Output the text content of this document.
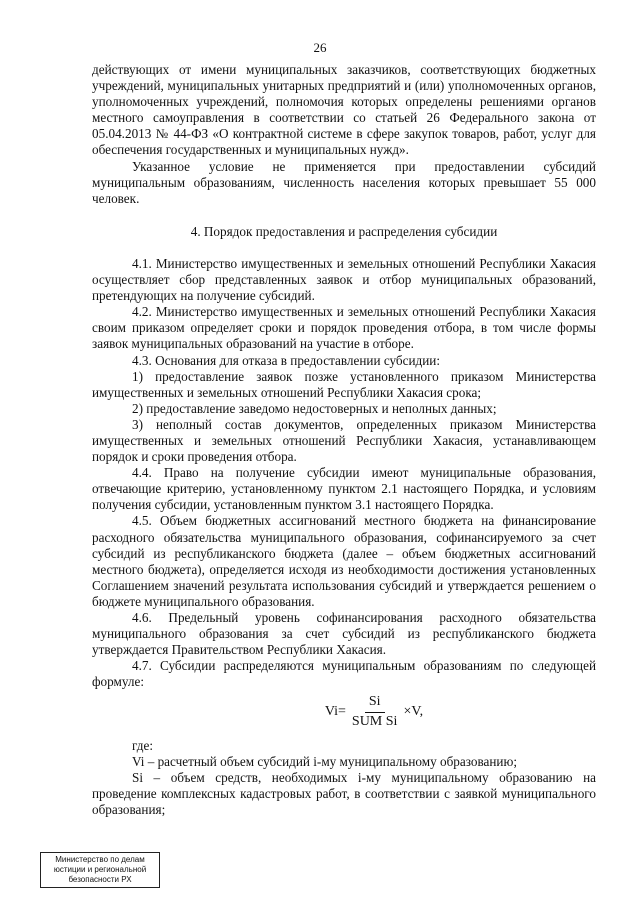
26

действующих от имени муниципальных заказчиков, соответствующих бюджетных учреждений, муниципальных унитарных предприятий и (или) уполномоченных органов, уполномоченных учреждений, полномочия которых определены решениями органов местного самоуправления в соответствии со статьей 26 Федерального закона от 05.04.2013 № 44-ФЗ «О контрактной системе в сфере закупок товаров, работ, услуг для обеспечения государственных и муниципальных нужд».

Указанное условие не применяется при предоставлении субсидий муниципальным образованиям, численность населения которых превышает 55 000 человек.

4. Порядок предоставления и распределения субсидии

4.1. Министерство имущественных и земельных отношений Республики Хакасия осуществляет сбор представленных заявок и отбор муниципальных образований, претендующих на получение субсидий.

4.2. Министерство имущественных и земельных отношений Республики Хакасия своим приказом определяет сроки и порядок проведения отбора, в том числе формы заявок муниципальных образований на участие в отборе.

4.3. Основания для отказа в предоставлении субсидии:

1) предоставление заявок позже установленного приказом Министерства имущественных и земельных отношений Республики Хакасия срока;

2) предоставление заведомо недостоверных и неполных данных;

3) неполный состав документов, определенных приказом Министерства имущественных и земельных отношений Республики Хакасия, устанавливающем порядок и сроки проведения отбора.

4.4. Право на получение субсидии имеют муниципальные образования, отвечающие критерию, установленному пунктом 2.1 настоящего Порядка, и условиям получения субсидии, установленным пунктом 3.1 настоящего Порядка.

4.5. Объем бюджетных ассигнований местного бюджета на финансирование расходного обязательства муниципального образования, софинансируемого за счет субсидий из республиканского бюджета (далее – объем бюджетных ассигнований местного бюджета), определяется исходя из необходимости достижения установленных Соглашением значений результата использования субсидий и утверждается решением о бюджете муниципального образования.

4.6. Предельный уровень софинансирования расходного обязательства муниципального образования за счет субсидий из республиканского бюджета утверждается Правительством Республики Хакасия.

4.7. Субсидии распределяются муниципальным образованиям по следующей формуле:

$Vi= \frac{Si}{\text{SUM Si}} \times V$,

где:

Vi – расчетный объем субсидий i-му муниципальному образованию;

Si – объем средств, необходимых i-му муниципальному образованию на проведение комплексных кадастровых работ, в соответствии с заявкой муниципального образования;

Министерство по делам
юстиции и региональной
безопасности РХ
